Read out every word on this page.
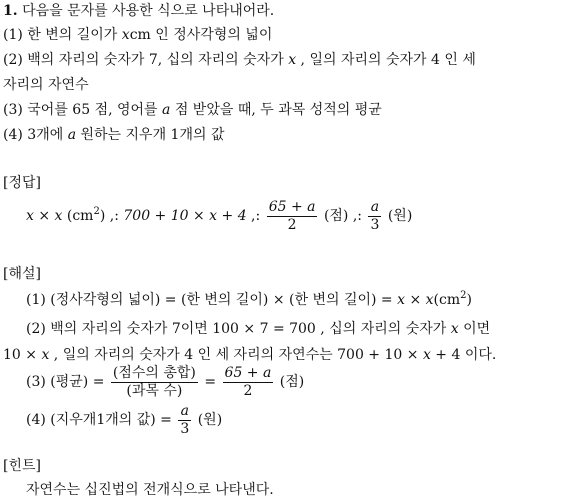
1. 다음을 문자를 사용한 식으로 나타내어라.
(1) 한 변의 길이가 xcm 인 정사각형의 넓이
(2) 백의 자리의 숫자가 7, 십의 자리의 숫자가 x , 일의 자리의 숫자가 4 인 세
자리의 자연수
(3) 국어를 65 점, 영어를 a 점 받았을 때, 두 과목 성적의 평균
(4) 3개에 a 원하는 지우개 1개의 값
[정답]
x × x $(cm^2)$ ,: 700 + 10 × x + 4 ,: $\frac{65 + a}{2}$ (점) ,: $\frac{a}{3}$ (원)
[해설]
(1) (정사각형의 넓이) = (한 변의 길이) × (한 변의 길이) = $x \times x(cm^2)$
(2) 백의 자리의 숫자가 7이면 100 × 7 = 700 , 십의 자리의 숫자가 x 이면
10 × x , 일의 자리의 숫자가 4 인 세 자리의 자연수는 700 + 10 × x + 4 이다.
(3) (평균) = $\frac{\text{(점수의 총합)}}{\text{(과목 수)}} = \frac{65 + a}{2}$ (점)
(4) (지우개1개의 값) = $\frac{a}{3}$ (원)
[힌트]
자연수는 십진법의 전개식으로 나타낸다.
